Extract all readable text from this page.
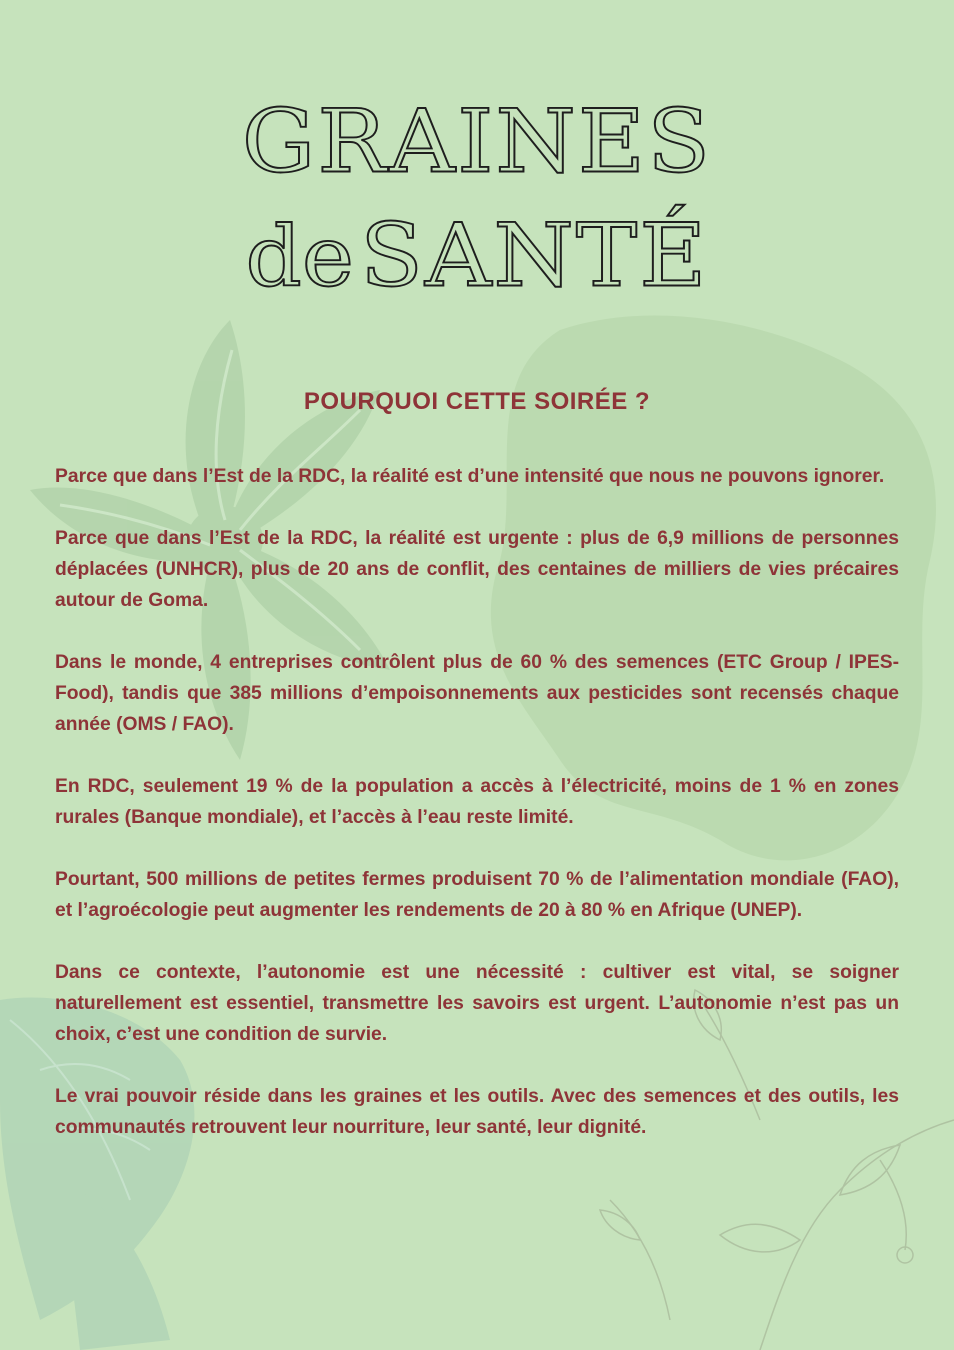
GRAINES
deSANTÉ
POURQUOI CETTE SOIRÉE ?

Parce que dans l’Est de la RDC, la réalité est d’une intensité que nous ne pouvons ignorer.

Parce que dans l’Est de la RDC, la réalité est urgente : plus de 6,9 millions de personnes déplacées (UNHCR), plus de 20 ans de conflit, des centaines de milliers de vies précaires autour de Goma.

Dans le monde, 4 entreprises contrôlent plus de 60 % des semences (ETC Group / IPES-Food), tandis que 385 millions d’empoisonnements aux pesticides sont recensés chaque année (OMS / FAO).

En RDC, seulement 19 % de la population a accès à l’électricité, moins de 1 % en zones rurales (Banque mondiale), et l’accès à l’eau reste limité.

Pourtant, 500 millions de petites fermes produisent 70 % de l’alimentation mondiale (FAO), et l’agroécologie peut augmenter les rendements de 20 à 80 % en Afrique (UNEP).

Dans ce contexte, l’autonomie est une nécessité : cultiver est vital, se soigner naturellement est essentiel, transmettre les savoirs est urgent. L’autonomie n’est pas un choix, c’est une condition de survie.

Le vrai pouvoir réside dans les graines et les outils. Avec des semences et des outils, les communautés retrouvent leur nourriture, leur santé, leur dignité.
